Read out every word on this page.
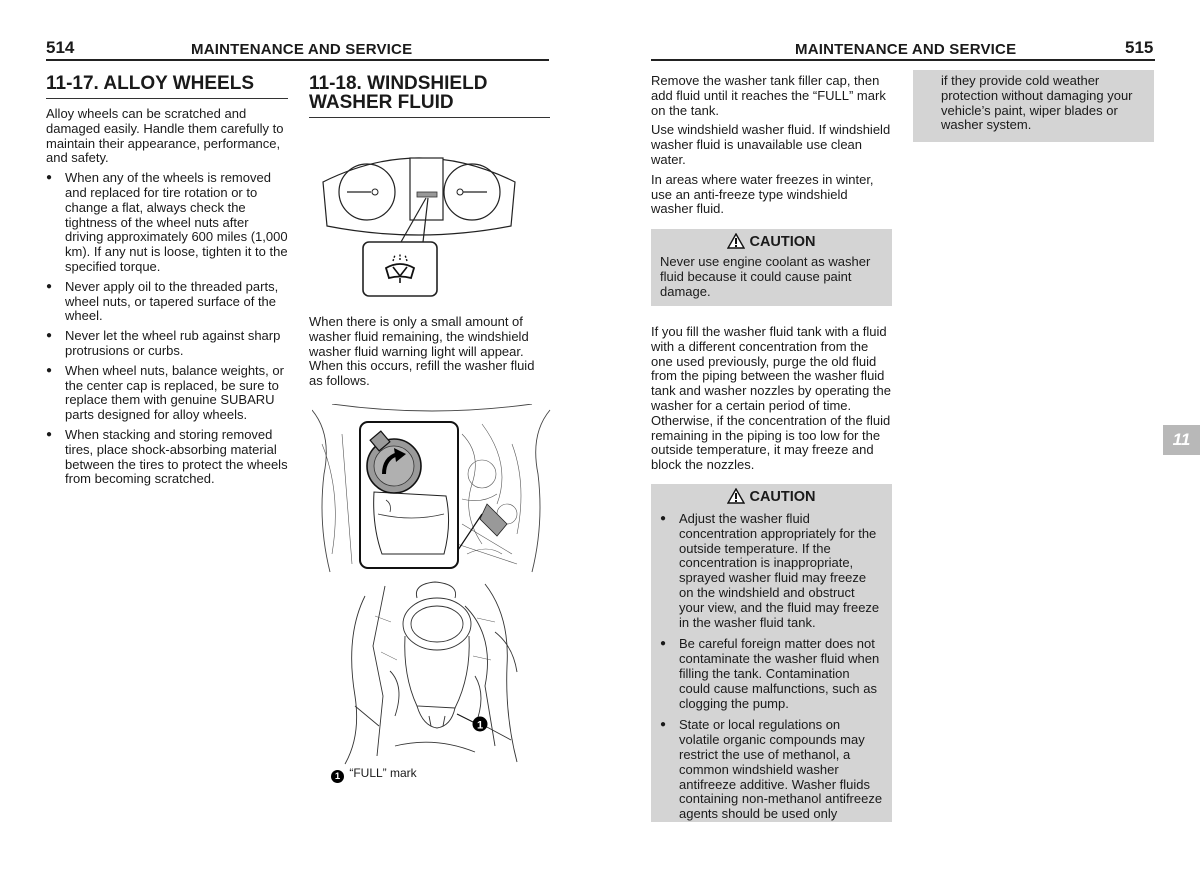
514	MAINTENANCE AND SERVICE	MAINTENANCE AND SERVICE	515
11-17. ALLOY WHEELS

Alloy wheels can be scratched and damaged easily. Handle them carefully to maintain their appearance, performance, and safety.

● When any of the wheels is removed and replaced for tire rotation or to change a flat, always check the tightness of the wheel nuts after driving approximately 600 miles (1,000 km). If any nut is loose, tighten it to the specified torque.
● Never apply oil to the threaded parts, wheel nuts, or tapered surface of the wheel.
● Never let the wheel rub against sharp protrusions or curbs.
● When wheel nuts, balance weights, or the center cap is replaced, be sure to replace them with genuine SUBARU parts designed for alloy wheels.
● When stacking and storing removed tires, place shock-absorbing material between the tires to protect the wheels from becoming scratched.
11-18. WINDSHIELD
WASHER FLUID

When there is only a small amount of washer fluid remaining, the windshield washer fluid warning light will appear. When this occurs, refill the washer fluid as follows.

1
1 “FULL” mark

Remove the washer tank filler cap, then add fluid until it reaches the “FULL” mark on the tank.

Use windshield washer fluid. If windshield washer fluid is unavailable use clean water.

In areas where water freezes in winter, use an anti-freeze type windshield washer fluid.

CAUTION

Never use engine coolant as washer fluid because it could cause paint damage.

If you fill the washer fluid tank with a fluid with a different concentration from the one used previously, purge the old fluid from the piping between the washer fluid tank and washer nozzles by operating the washer for a certain period of time. Otherwise, if the concentration of the fluid remaining in the piping is too low for the outside temperature, it may freeze and block the nozzles.

CAUTION
● Adjust the washer fluid concentration appropriately for the outside temperature. If the concentration is inappropriate, sprayed washer fluid may freeze on the windshield and obstruct your view, and the fluid may freeze in the washer fluid tank.
● Be careful foreign matter does not contaminate the washer fluid when filling the tank. Contamination could cause malfunctions, such as clogging the pump.
● State or local regulations on volatile organic compounds may restrict the use of methanol, a common windshield washer antifreeze additive. Washer fluids containing non-methanol antifreeze agents should be used only

if they provide cold weather protection without damaging your vehicle’s paint, wiper blades or washer system.

11
